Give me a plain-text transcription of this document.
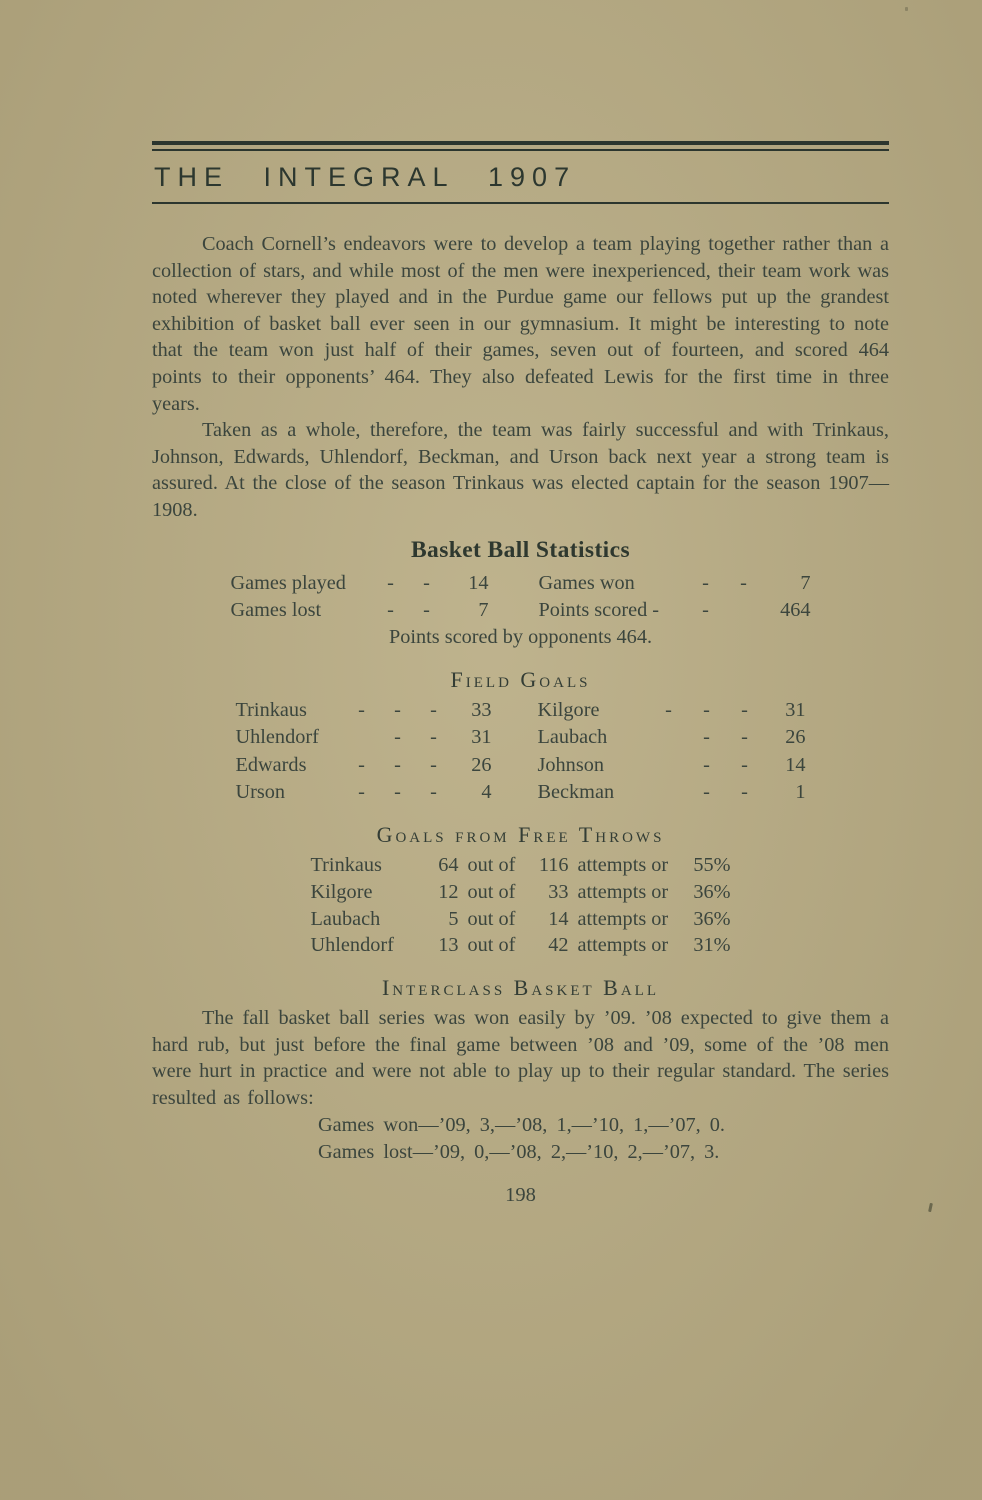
THE INTEGRAL 1907

Coach Cornell’s endeavors were to develop a team playing together rather than a collection of stars, and while most of the men were inexperienced, their team work was noted wherever they played and in the Purdue game our fellows put up the grandest exhibition of basket ball ever seen in our gymnasium. It might be interesting to note that the team won just half of their games, seven out of fourteen, and scored 464 points to their opponents’ 464. They also defeated Lewis for the first time in three years.

Taken as a whole, therefore, the team was fairly successful and with Trinkaus, Johnson, Edwards, Uhlendorf, Beckman, and Urson back next year a strong team is assured. At the close of the season Trinkaus was elected captain for the season 1907—1908.

Basket Ball Statistics
Games played	-	-	14 Games won	-	-	7
Games lost	-	-	7 Points scored -	-	464

Points scored by opponents 464.

Field Goals
Trinkaus	-	-	-	33 Kilgore	-	-	-	31
Uhlendorf	-	-	31 Laubach	-	-	26
Edwards	-	-	-	26 Johnson	-	-	14
Urson	-	-	-	4 Beckman	-	-	1
Goals from Free Throws
Trinkaus	64 out of	116 attempts or	55%
Kilgore	12 out of	33 attempts or	36%
Laubach	5 out of	14 attempts or	36%
Uhlendorf	13 out of	42 attempts or	31%
Interclass Basket Ball

The fall basket ball series was won easily by ’09. ’08 expected to give them a hard rub, but just before the final game between ’08 and ’09, some of the ’08 men were hurt in practice and were not able to play up to their regular standard. The series resulted as follows:

Games won—’09, 3,—’08, 1,—’10, 1,—’07, 0.

Games lost—’09, 0,—’08, 2,—’10, 2,—’07, 3.

198
